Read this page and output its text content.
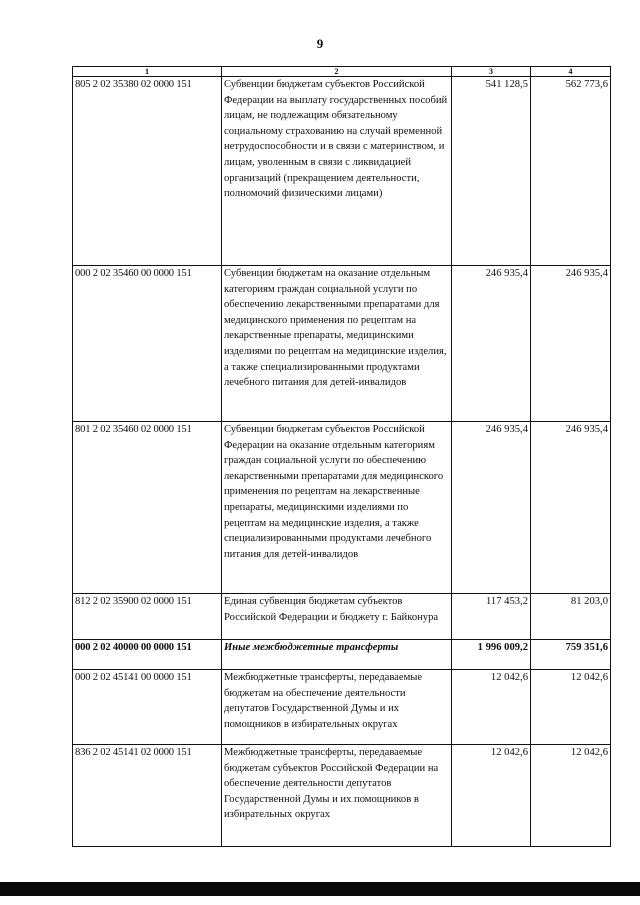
9
1	2	3	4
805 2 02 35380 02 0000 151	Субвенции бюджетам субъектов Российской Федерации на выплату государственных пособий лицам, не подлежащим обязательному социальному страхованию на случай временной нетрудоспособности и в связи с материнством, и лицам, уволенным в связи с ликвидацией организаций (прекращением деятельности, полномочий физическими лицами)	541 128,5	562 773,6
000 2 02 35460 00 0000 151	Субвенции бюджетам на оказание отдельным категориям граждан социальной услуги по обеспечению лекарственными препаратами для медицинского применения по рецептам на лекарственные препараты, медицинскими изделиями по рецептам на медицинские изделия, а также специализированными продуктами лечебного питания для детей-инвалидов	246 935,4	246 935,4
801 2 02 35460 02 0000 151	Субвенции бюджетам субъектов Российской Федерации на оказание отдельным категориям граждан социальной услуги по обеспечению лекарственными препаратами для медицинского применения по рецептам на лекарственные препараты, медицинскими изделиями по рецептам на медицинские изделия, а также специализированными продуктами лечебного питания для детей-инвалидов	246 935,4	246 935,4
812 2 02 35900 02 0000 151	Единая субвенция бюджетам субъектов Российской Федерации и бюджету г. Байконура	117 453,2	81 203,0
000 2 02 40000 00 0000 151	Иные межбюджетные трансферты	1 996 009,2	759 351,6
000 2 02 45141 00 0000 151	Межбюджетные трансферты, передаваемые бюджетам на обеспечение деятельности депутатов Государственной Думы и их помощников в избирательных округах	12 042,6	12 042,6
836 2 02 45141 02 0000 151	Межбюджетные трансферты, передаваемые бюджетам субъектов Российской Федерации на обеспечение деятельности депутатов Государственной Думы и их помощников в избирательных округах	12 042,6	12 042,6
